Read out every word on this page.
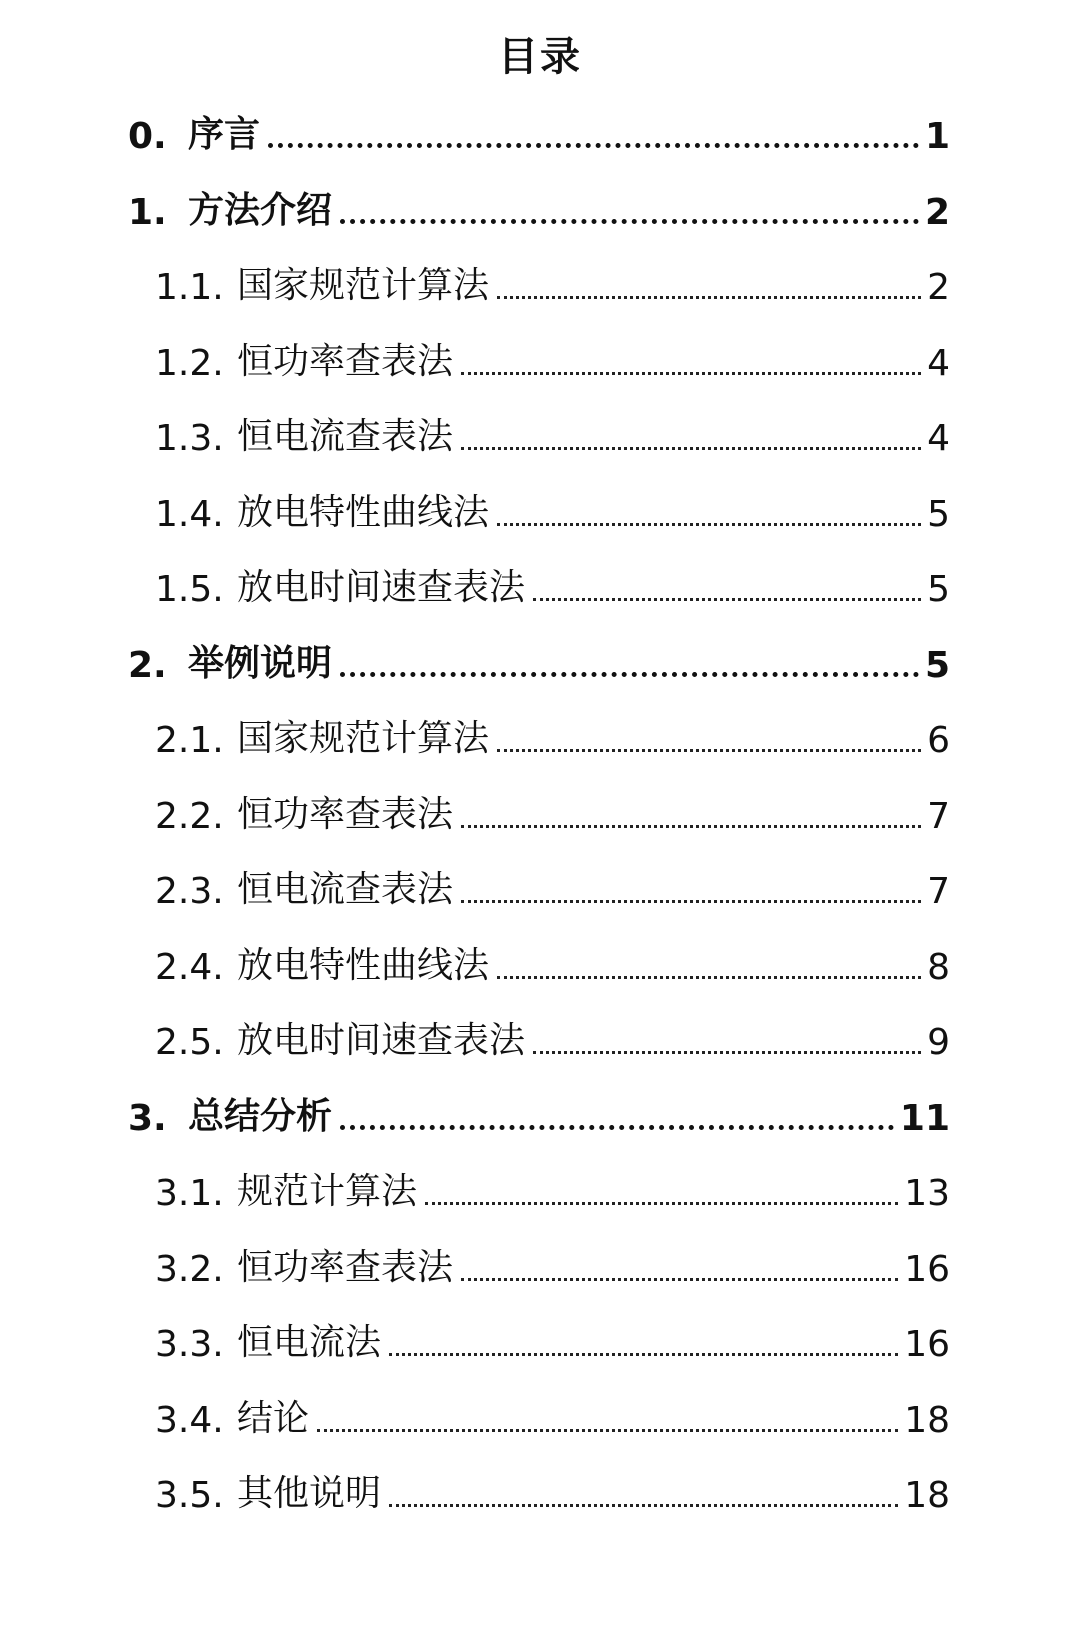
目录
0. 序言	1
1. 方法介绍	2
1.1. 国家规范计算法	2
1.2. 恒功率查表法	4
1.3. 恒电流查表法	4
1.4. 放电特性曲线法	5
1.5. 放电时间速查表法	5
2. 举例说明	5
2.1. 国家规范计算法	6
2.2. 恒功率查表法	7
2.3. 恒电流查表法	7
2.4. 放电特性曲线法	8
2.5. 放电时间速查表法	9
3. 总结分析	11
3.1. 规范计算法	13
3.2. 恒功率查表法	16
3.3. 恒电流法	16
3.4. 结论	18
3.5. 其他说明	18
